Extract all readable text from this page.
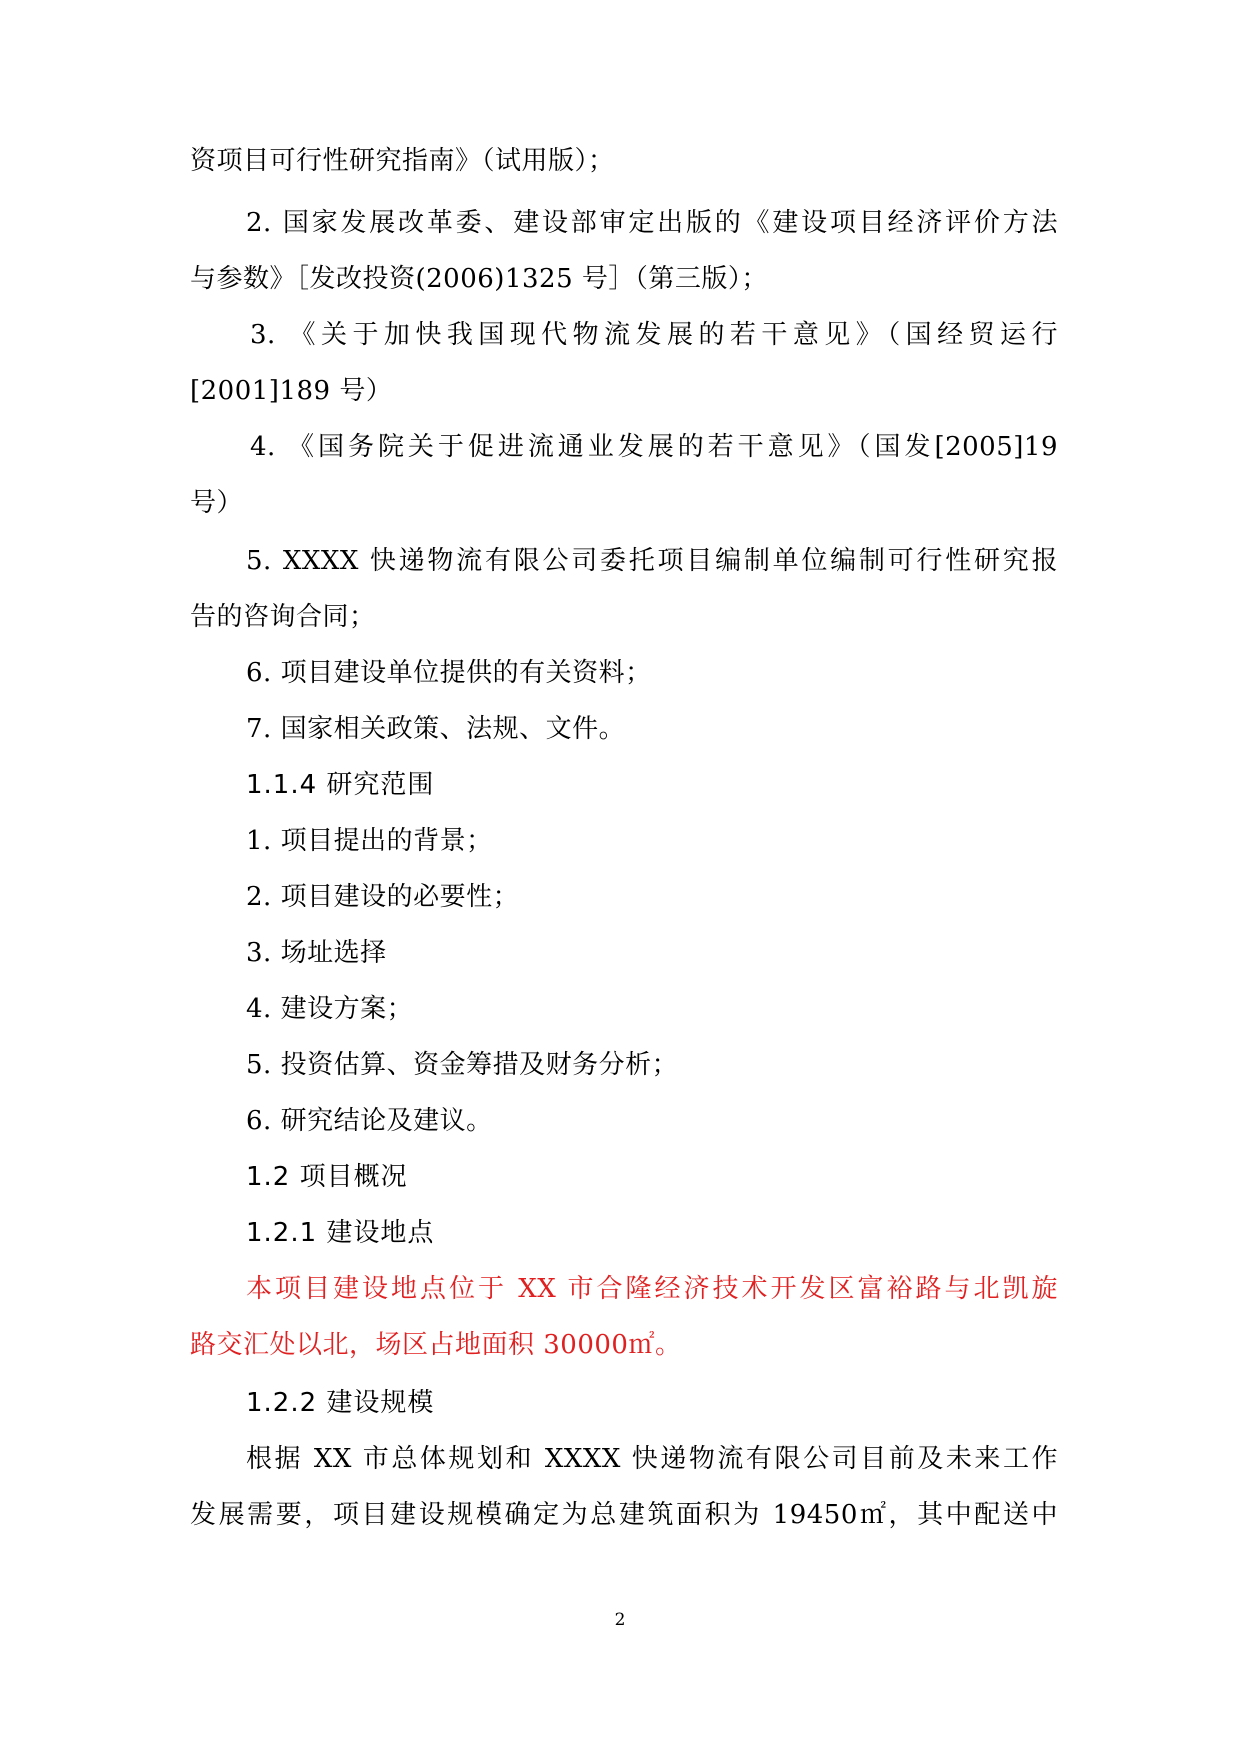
资项目可行性研究指南》（试用版）；
2. 国家发展改革委、建设部审定出版的《建设项目经济评价方法
与参数》［发改投资(2006)1325 号］（第三版）；
3. 《关于加快我国现代物流发展的若干意见》（国经贸运行
[2001]189 号）
4. 《国务院关于促进流通业发展的若干意见》（国发[2005]19
号）
5. XXXX 快递物流有限公司委托项目编制单位编制可行性研究报
告的咨询合同；
6. 项目建设单位提供的有关资料；
7. 国家相关政策、法规、文件。
1.1.4 研究范围
1. 项目提出的背景；
2. 项目建设的必要性；
3. 场址选择
4. 建设方案；
5. 投资估算、资金筹措及财务分析；
6. 研究结论及建议。
1.2 项目概况
1.2.1 建设地点
本项目建设地点位于 XX 市合隆经济技术开发区富裕路与北凯旋
路交汇处以北，场区占地面积 30000㎡。
1.2.2 建设规模
根据 XX 市总体规划和 XXXX 快递物流有限公司目前及未来工作
发展需要，项目建设规模确定为总建筑面积为 19450㎡，其中配送中
2
